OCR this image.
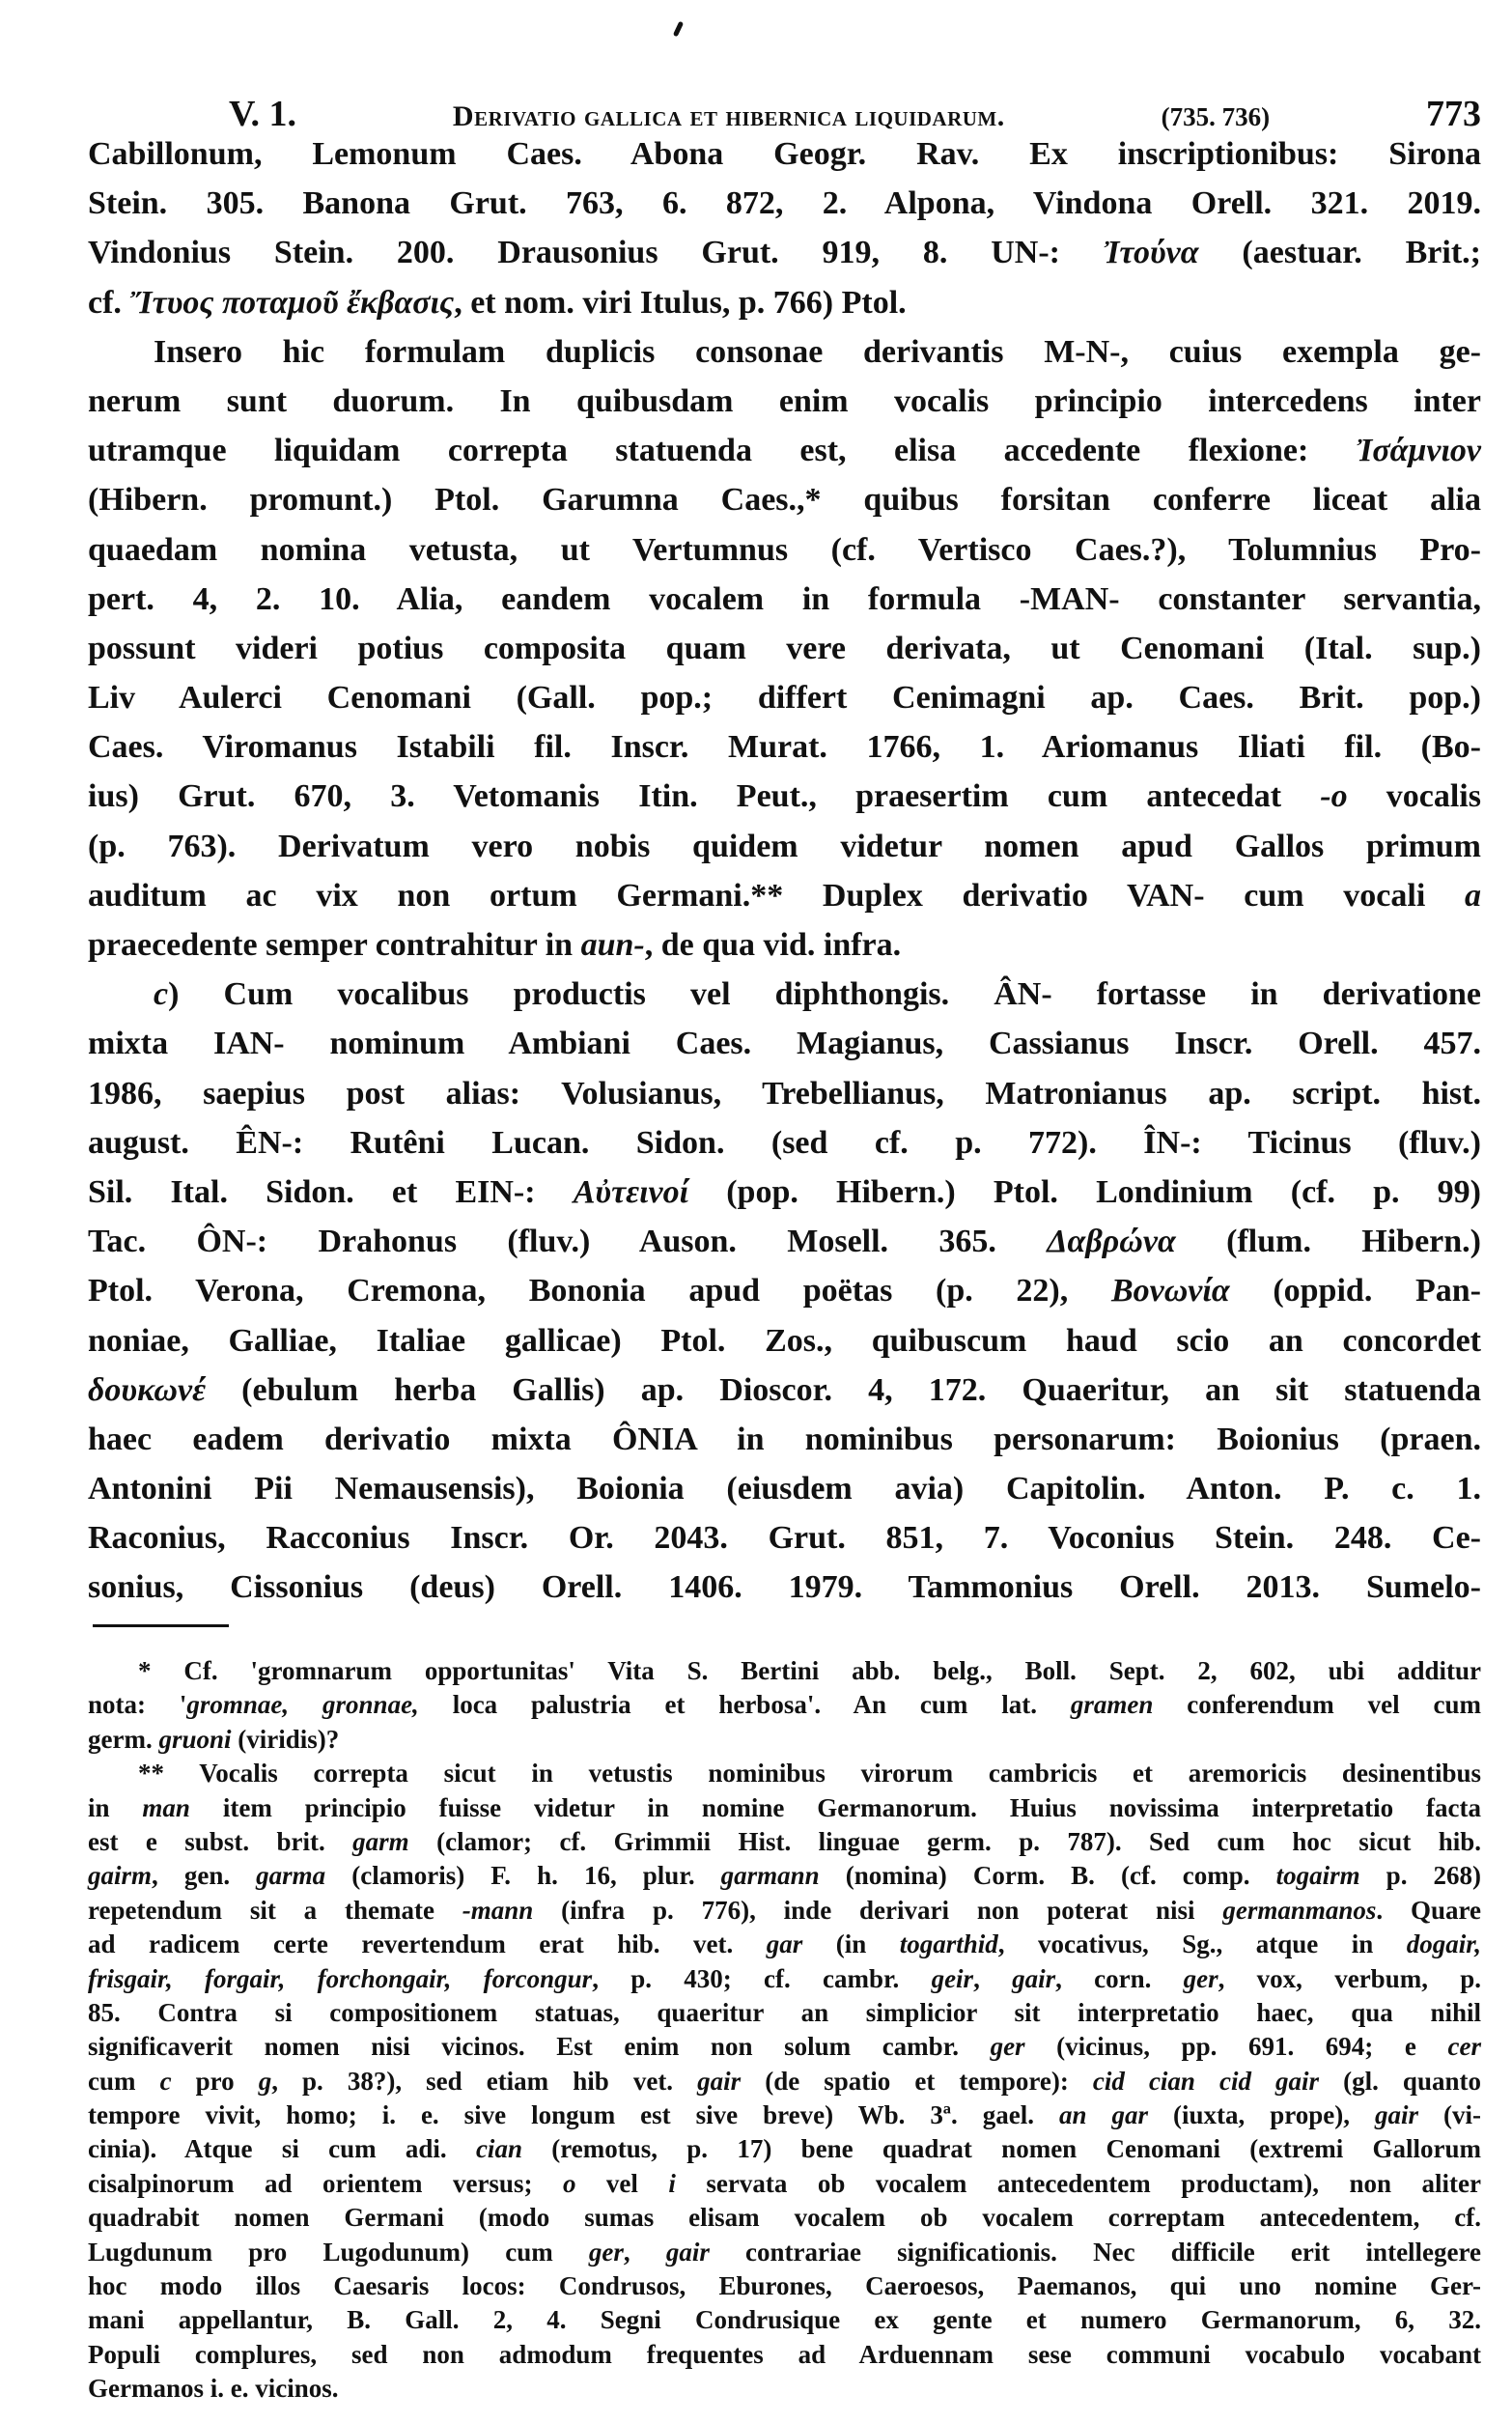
V. 1.	Derivatio gallica et hibernica liquidarum.	(735. 736)	773
Cabillonum, Lemonum Caes. Abona Geogr. Rav. Ex inscriptionibus: Sirona
Stein. 305. Banona Grut. 763, 6. 872, 2. Alpona, Vindona Orell. 321. 2019.
Vindonius Stein. 200. Drausonius Grut. 919, 8. UN-: Ἰτούνα (aestuar. Brit.;
cf. Ἴτυος ποταμοῦ ἔκβασις, et nom. viri Itulus, p. 766) Ptol.
Insero hic formulam duplicis consonae derivantis M-N-, cuius exempla ge-
nerum sunt duorum. In quibusdam enim vocalis principio intercedens inter
utramque liquidam correpta statuenda est, elisa accedente flexione: Ἰσάμνιον
(Hibern. promunt.) Ptol. Garumna Caes.,* quibus forsitan conferre liceat alia
quaedam nomina vetusta, ut Vertumnus (cf. Vertisco Caes.?), Tolumnius Pro-
pert. 4, 2. 10. Alia, eandem vocalem in formula -MAN- constanter servantia,
possunt videri potius composita quam vere derivata, ut Cenomani (Ital. sup.)
Liv Aulerci Cenomani (Gall. pop.; differt Cenimagni ap. Caes. Brit. pop.)
Caes. Viromanus Istabili fil. Inscr. Murat. 1766, 1. Ariomanus Iliati fil. (Bo-
ius) Grut. 670, 3. Vetomanis Itin. Peut., praesertim cum antecedat -o vocalis
(p. 763). Derivatum vero nobis quidem videtur nomen apud Gallos primum
auditum ac vix non ortum Germani.** Duplex derivatio VAN- cum vocali a
praecedente semper contrahitur in aun-, de qua vid. infra.
c) Cum vocalibus productis vel diphthongis. ÂN- fortasse in derivatione
mixta IAN- nominum Ambiani Caes. Magianus, Cassianus Inscr. Orell. 457.
1986, saepius post alias: Volusianus, Trebellianus, Matronianus ap. script. hist.
august. ÊN-: Rutêni Lucan. Sidon. (sed cf. p. 772). ÎN-: Ticinus (fluv.)
Sil. Ital. Sidon. et EIN-: Αὐτεινοί (pop. Hibern.) Ptol. Londinium (cf. p. 99)
Tac. ÔN-: Drahonus (fluv.) Auson. Mosell. 365. Δαβρώνα (flum. Hibern.)
Ptol. Verona, Cremona, Bononia apud poëtas (p. 22), Βονωνία (oppid. Pan-
noniae, Galliae, Italiae gallicae) Ptol. Zos., quibuscum haud scio an concordet
δουκωνέ (ebulum herba Gallis) ap. Dioscor. 4, 172. Quaeritur, an sit statuenda
haec eadem derivatio mixta ÔNIA in nominibus personarum: Boionius (praen.
Antonini Pii Nemausensis), Boionia (eiusdem avia) Capitolin. Anton. P. c. 1.
Raconius, Racconius Inscr. Or. 2043. Grut. 851, 7. Voconius Stein. 248. Ce-
sonius, Cissonius (deus) Orell. 1406. 1979. Tammonius Orell. 2013. Sumelo-
* Cf. 'gromnarum opportunitas' Vita S. Bertini abb. belg., Boll. Sept. 2, 602, ubi additur
nota: 'gromnae, gronnae, loca palustria et herbosa'. An cum lat. gramen conferendum vel cum
germ. gruoni (viridis)?
** Vocalis correpta sicut in vetustis nominibus virorum cambricis et aremoricis desinentibus
in man item principio fuisse videtur in nomine Germanorum. Huius novissima interpretatio facta
est e subst. brit. garm (clamor; cf. Grimmii Hist. linguae germ. p. 787). Sed cum hoc sicut hib.
gairm, gen. garma (clamoris) F. h. 16, plur. garmann (nomina) Corm. B. (cf. comp. togairm p. 268)
repetendum sit a themate -mann (infra p. 776), inde derivari non poterat nisi germanmanos. Quare
ad radicem certe revertendum erat hib. vet. gar (in togarthid, vocativus, Sg., atque in dogair,
frisgair, forgair, forchongair, forcongur, p. 430; cf. cambr. geir, gair, corn. ger, vox, verbum, p.
85. Contra si compositionem statuas, quaeritur an simplicior sit interpretatio haec, qua nihil
significaverit nomen nisi vicinos. Est enim non solum cambr. ger (vicinus, pp. 691. 694; e cer
cum c pro g, p. 38?), sed etiam hib vet. gair (de spatio et tempore): cid cian cid gair (gl. quanto
tempore vivit, homo; i. e. sive longum est sive breve) Wb. 3ª. gael. an gar (iuxta, prope), gair (vi-
cinia). Atque si cum adi. cian (remotus, p. 17) bene quadrat nomen Cenomani (extremi Gallorum
cisalpinorum ad orientem versus; o vel i servata ob vocalem antecedentem productam), non aliter
quadrabit nomen Germani (modo sumas elisam vocalem ob vocalem correptam antecedentem, cf.
Lugdunum pro Lugodunum) cum ger, gair contrariae significationis. Nec difficile erit intellegere
hoc modo illos Caesaris locos: Condrusos, Eburones, Caeroesos, Paemanos, qui uno nomine Ger-
mani appellantur, B. Gall. 2, 4. Segni Condrusique ex gente et numero Germanorum, 6, 32.
Populi complures, sed non admodum frequentes ad Arduennam sese communi vocabulo vocabant
Germanos i. e. vicinos.
